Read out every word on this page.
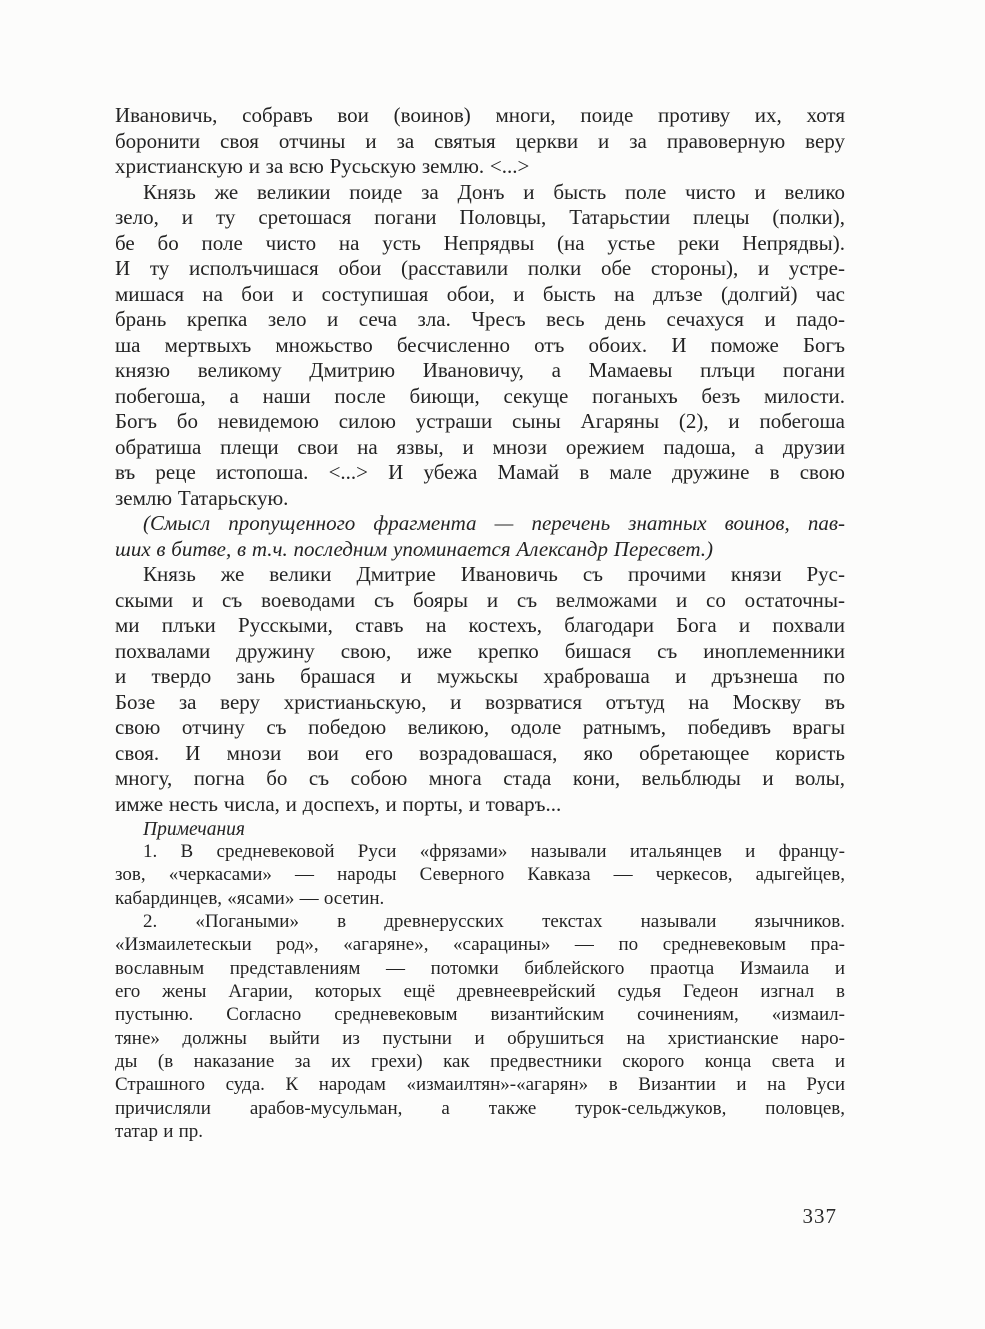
Ивановичь, собравъ вои (воинов) многи, поиде противу их, хотя
боронити своя отчины и за святыя церкви и за правоверную веру
христианскую и за всю Русьскую землю. <...>
Князь же великии поиде за Донъ и бысть поле чисто и велико
зело, и ту сретошася погани Половцы, Татарьстии плецы (полки),
бе бо поле чисто на усть Непрядвы (на устье реки Непрядвы).
И ту исполъчишася обои (расставили полки обе стороны), и устре-
мишася на бои и соступишая обои, и бысть на длъзе (долгий) час
брань крепка зело и сеча зла. Чресъ весь день сечахуся и падо-
ша мертвыхъ множьство бесчисленно отъ обоих. И поможе Богъ
князю великому Дмитрию Ивановичу, а Мамаевы плъци погани
побегоша, а наши после биющи, секуще поганыхъ безъ милости.
Богъ бо невидемою силою устраши сыны Агаряны (2), и побегоша
обратиша плещи свои на язвы, и мнози орежием падоша, а друзии
въ реце истопоша. <...> И убежа Мамай в мале дружине в свою
землю Татарьскую.
(Смысл пропущенного фрагмента — перечень знатных воинов, пав-
ших в битве, в т.ч. последним упоминается Александр Пересвет.)
Князь же велики Дмитрие Ивановичь съ прочими князи Рус-
скыми и съ воеводами съ бояры и съ велможами и со остаточны-
ми плъки Русскыми, ставъ на костехъ, благодари Бога и похвали
похвалами дружину свою, иже крепко бишася съ иноплеменники
и твердо зань брашася и мужьскы храброваша и дръзнеша по
Бозе за веру христианьскую, и возрватися отътуд на Москву въ
свою отчину съ победою великою, одоле ратнымъ, победивъ врагы
своя. И мнози вои его возрадовашася, яко обретающее користь
многу, погна бо съ собою многа стада кони, вельблюды и волы,
имже несть числа, и доспехъ, и порты, и товаръ...
Примечания
1. В средневековой Руси «фрязами» называли итальянцев и францу-
зов, «черкасами» — народы Северного Кавказа — черкесов, адыгейцев,
кабардинцев, «ясами» — осетин.
2. «Погаными» в древнерусских текстах называли язычников.
«Измаилетескыи род», «агаряне», «сарацины» — по средневековым пра-
вославным представлениям — потомки библейского праотца Измаила и
его жены Агарии, которых ещё древнееврейский судья Гедеон изгнал в
пустыню. Согласно средневековым византийским сочинениям, «измаил-
тяне» должны выйти из пустыни и обрушиться на христианские наро-
ды (в наказание за их грехи) как предвестники скорого конца света и
Страшного суда. К народам «измаилтян»-«агарян» в Византии и на Руси
причисляли арабов-мусульман, а также турок-сельджуков, половцев,
татар и пр.
337
